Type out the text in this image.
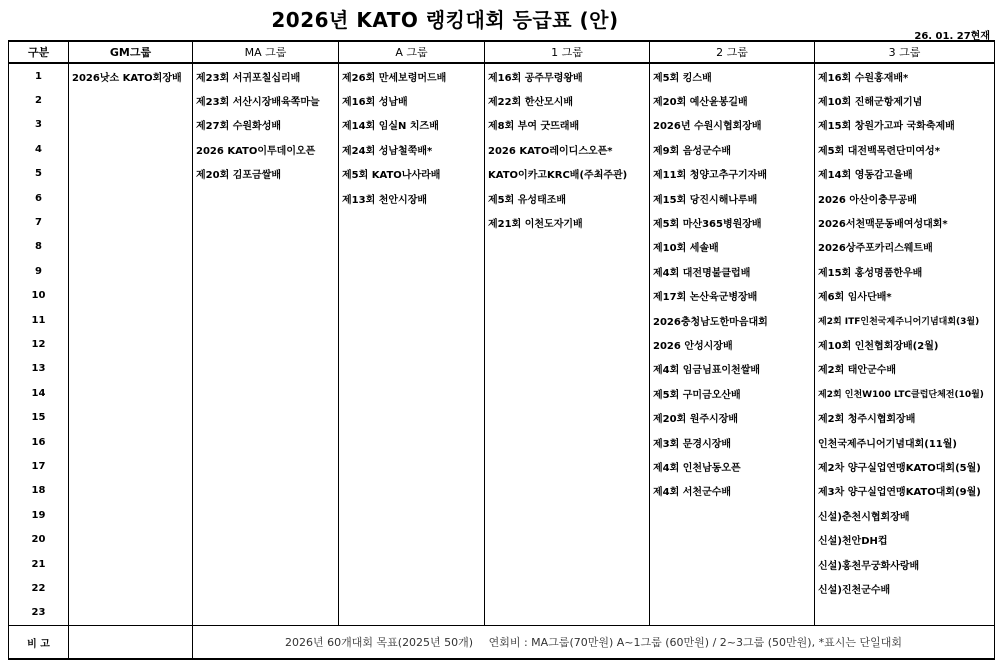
2026년 KATO 랭킹대회 등급표 (안)
26. 01. 27현재
구분	GM그룹	MA 그룹	A 그룹	1 그룹	2 그룹	3 그룹
1	2026낫소 KATO회장배	제23회 서귀포칠십리배	제26회 만세보령머드배	제16회 공주무령왕배	제5회 킹스배	제16회 수원홍재배*
2		제23회 서산시장배육쪽마늘	제16회 성남배	제22회 한산모시배	제20회 예산윤봉길배	제10회 진해군항제기념
3		제27회 수원화성배	제14회 임실N 치즈배	제8회 부여 굿뜨래배	2026년 수원시협회장배	제15회 창원가고파 국화축제배
4		2026 KATO이투데이오픈	제24회 성남철쭉배*	2026 KATO레이디스오픈*	제9회 음성군수배	제5회 대전백목련단미여성*
5		제20회 김포금쌀배	제5회 KATO나사라배	KATO이카고KRC배(주최주관)	제11회 청양고추구기자배	제14회 영동감고을배
6			제13회 천안시장배	제5회 유성태조배	제15회 당진시해나루배	2026 아산이충무공배
7				제21회 이천도자기배	제5회 마산365병원장배	2026서천맥문동배여성대회*
8					제10회 세솔배	2026상주포카리스웨트배
9					제4회 대전명불클럽배	제15회 홍성명품한우배
10					제17회 논산육군병장배	제6회 임사단배*
11					2026충청남도한마음대회	제2회 ITF인천국제주니어기념대회(3월)
12					2026 안성시장배	제10회 인천협회장배(2월)
13					제4회 임금님표이천쌀배	제2회 태안군수배
14					제5회 구미금오산배	제2회 인천W100 LTC클럽단체전(10월)
15					제20회 원주시장배	제2회 청주시협회장배
16					제3회 문경시장배	인천국제주니어기념대회(11월)
17					제4회 인천남동오픈	제2차 양구실업연맹KATO대회(5월)
18					제4회 서천군수배	제3차 양구실업연맹KATO대회(9월)
19						신설)춘천시협회장배
20						신설)천안DH컵
21						신설)홍천무궁화사랑배
22						신설)진천군수배
23						
비 고		2026년 60개대회 목표(2025년 50개) 연회비 : MA그룹(70만원) A~1그룹 (60만원) / 2~3그룹 (50만원), *표시는 단일대회				
